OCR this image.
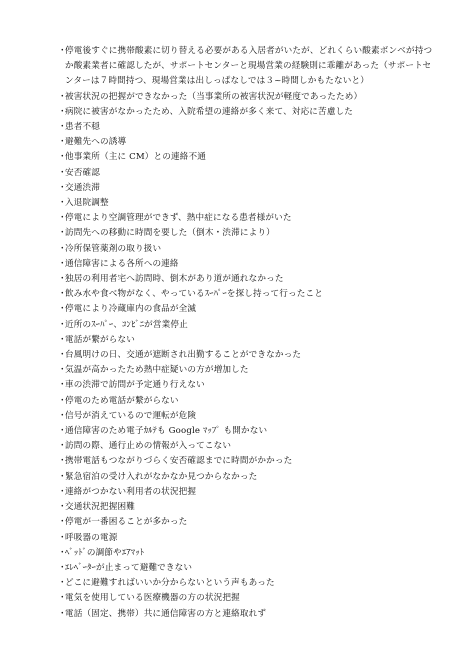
・
停電後すぐに携帯酸素に切り替える必要がある入居者がいたが、どれくらい酸素ボンベが持つか酸素業者に確認したが、サポートセンターと現場営業の経験則に乖離があった（サポートセンターは７時間持つ、現場営業は出しっぱなしでは３~時間しかもたないと）
・
被害状況の把握ができなかった（当事業所の被害状況が軽度であったため）
・
病院に被害がなかったため、入院希望の連絡が多く来て、対応に苦慮した
・
患者不穏
・
避難先への誘導
・
他事業所（主に CM）との連絡不通
・
安否確認
・
交通渋滞
・
入退院調整
・
停電により空調管理ができず、熱中症になる患者様がいた
・
訪問先への移動に時間を要した（倒木・渋滞により）
・
冷所保管薬剤の取り扱い
・
通信障害による各所への連絡
・
独居の利用者宅へ訪問時、倒木があり道が通れなかった
・
飲み水や食べ物がなく、やっているｽｰﾊﾟｰを探し持って行ったこと
・
停電により冷蔵庫内の食品が全滅
・
近所のｽｰﾊﾟｰ、ｺﾝﾋﾞﾆが営業停止
・
電話が繋がらない
・
台風明けの日、交通が遮断され出勤することができなかった
・
気温が高かったため熱中症疑いの方が増加した
・
車の渋滞で訪問が予定通り行えない
・
停電のため電話が繋がらない
・
信号が消えているので運転が危険
・
通信障害のため電子ｶﾙﾃも Google ﾏｯﾌﾟ も開かない
・
訪問の際、通行止めの情報が入ってこない
・
携帯電話もつながりづらく安否確認までに時間がかかった
・
緊急宿泊の受け入れがなかなか見つからなかった
・
連絡がつかない利用者の状況把握
・
交通状況把握困難
・
停電が一番困ることが多かった
・
呼吸器の電源
・
ﾍﾞｯﾄﾞの調節やｴｱﾏｯﾄ
・
ｴﾚﾍﾞｰﾀｰが止まって避難できない
・
どこに避難すればいいか分からないという声もあった
・
電気を使用している医療機器の方の状況把握
・
電話（固定、携帯）共に通信障害の方と連絡取れず
